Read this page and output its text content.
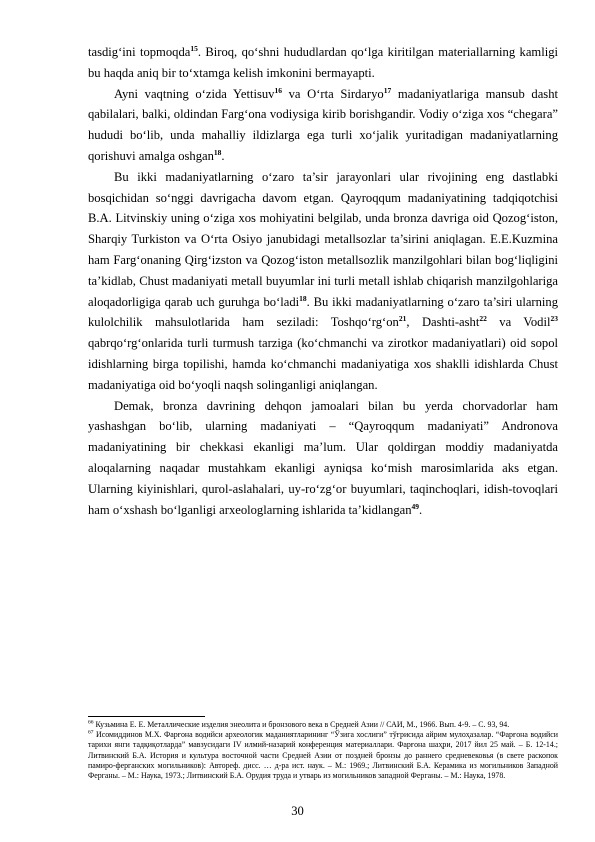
tasdig‘ini topmoqda$^{15}$. Biroq, qo‘shni hududlardan qo‘lga kiritilgan materiallarning kamligi bu haqda aniq bir to‘xtamga kelish imkonini bermayapti.

Ayni vaqtning o‘zida Yettisuv$^{16}$ va O‘rta Sirdaryo$^{17}$ madaniyatlariga mansub dasht qabilalari, balki, oldindan Farg‘ona vodiysiga kirib borishgandir. Vodiy o‘ziga xos “chegara” hududi bo‘lib, unda mahalliy ildizlarga ega turli xo‘jalik yuritadigan madaniyatlarning qorishuvi amalga oshgan$^{18}$.

Bu ikki madaniyatlarning o‘zaro ta’sir jarayonlari ular rivojining eng dastlabki bosqichidan so‘nggi davrigacha davom etgan. Qayroqqum madaniyatining tadqiqotchisi B.A. Litvinskiy uning o‘ziga xos mohiyatini belgilab, unda bronza davriga oid Qozog‘iston, Sharqiy Turkiston va O‘rta Osiyo janubidagi metallsozlar ta’sirini aniqlagan. E.E.Kuzmina ham Farg‘onaning Qirg‘izston va Qozog‘iston metallsozlik manzilgohlari bilan bog‘liqligini ta’kidlab, Chust madaniyati metall buyumlar ini turli metall ishlab chiqarish manzilgohlariga aloqadorligiga qarab uch guruhga bo‘ladi$^{18}$. Bu ikki madaniyatlarning o‘zaro ta’siri ularning kulolchilik mahsulotlarida ham seziladi: $Toshqo‘rg‘on^{21}$, Dashti-asht$^{22}$ va Vodil$^{23}$ qabrqo‘rg‘onlarida turli turmush tarziga (ko‘chmanchi va zirotkor madaniyatlari) oid sopol idishlarning birga topilishi, hamda ko‘chmanchi madaniyatiga xos shaklli idishlarda Chust madaniyatiga oid bo‘yoqli naqsh solinganligi aniqlangan.

Demak, bronza davrining dehqon jamoalari bilan bu yerda chorvadorlar ham yashashgan bo‘lib, ularning madaniyati – “Qayroqqum madaniyati” Andronova madaniyatining bir chekkasi ekanligi ma’lum. Ular qoldirgan moddiy madaniyatda aloqalarning naqadar mustahkam ekanligi ayniqsa ko‘mish marosimlarida aks etgan. Ularning kiyinishlari, qurol-aslahalari, uy-ro‘zg‘or buyumlari, taqinchoqlari, idish-tovoqlari ham o‘xshash bo‘lganligi arxeologlarning ishlarida ta’kidlangan$^{49}$.

$^{66}$ Кузьмина Е. Е. Металлические изделия энеолита и бронзового века в Средней Азии // САИ, М., 1966. Вып. 4-9. – С. 93, 94.

$^{67}$ Исомиддинов М.Х. Фарғона водийси археологик маданиятларининг “Ўзига хослиги” тўғрисида айрим мулоҳазалар. “Фарғона водийси тарихи янги тадқиқотларда” мавзусидаги IV илмий-назарий конференция материаллари. Фарғона шаҳри, 2017 йил 25 май. – Б. 12-14.; Литвинский Б.А. История и культура восточной части Средней Азии от поздней бронзы до раннего средневековья (в свете раскопок памиро-ферганских могильников): Автореф. дисс. … д-ра ист. наук. – М.: 1969.; Литвинский Б.А. Керамика из могильников Западной Ферганы. – М.: Наука, 1973.; Литвинский Б.А. Орудия труда и утварь из могильников западной Ферганы. – М.: Наука, 1978.

30
